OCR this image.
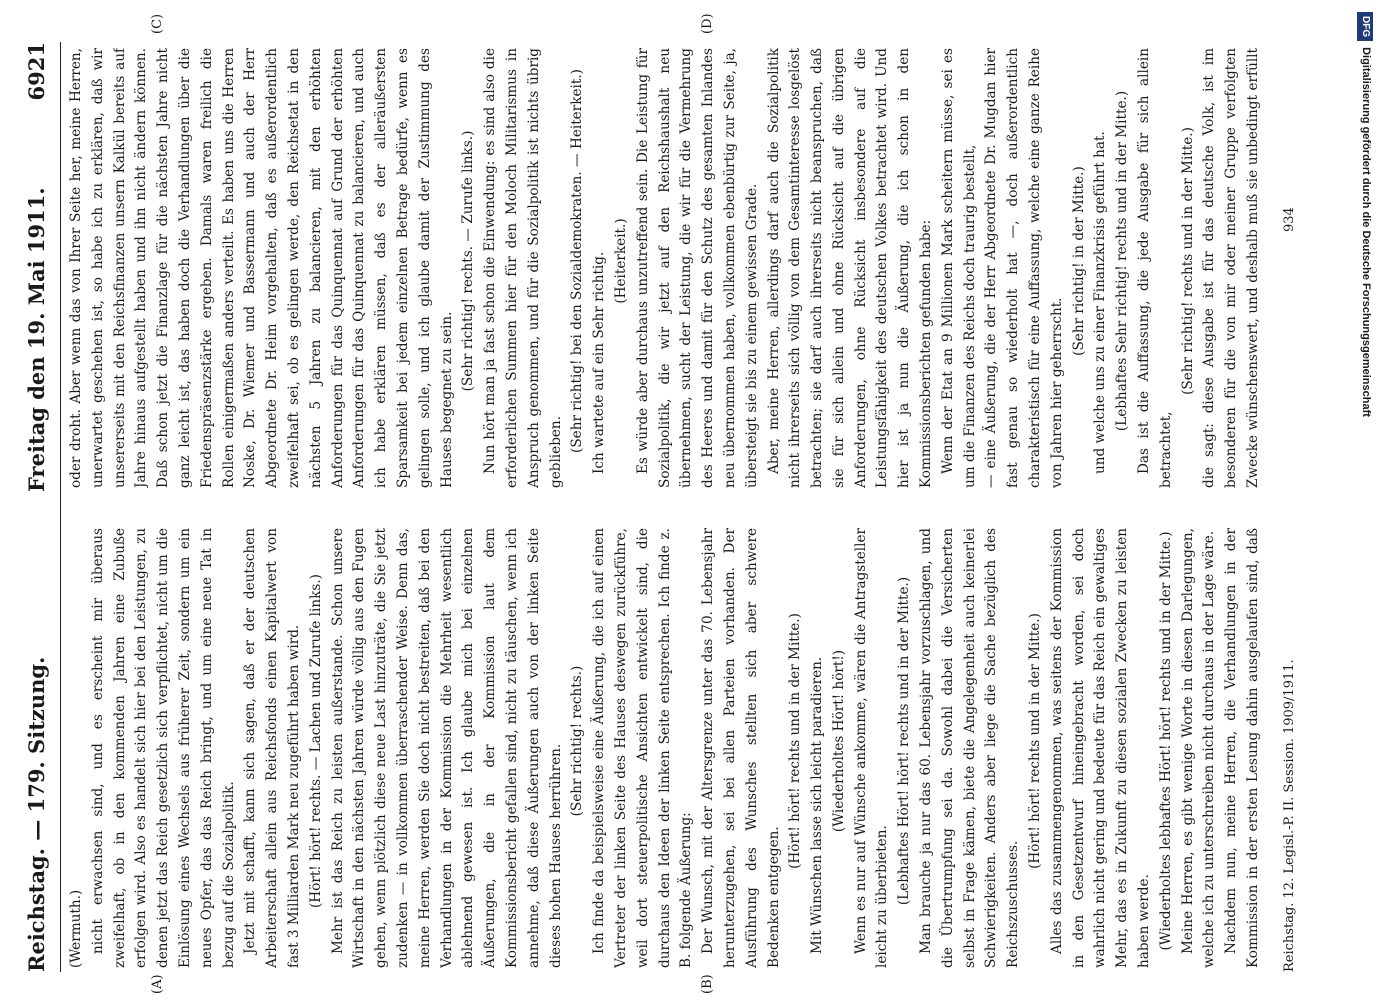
Reichstag. — 179. Sitzung.
Freitag den 19. Mai 1911.
6921
(A)	(B)
(C)	(D)

(Wermuth.) nicht erwachsen sind, und es erscheint mir überaus zweifelhaft, ob in den kommenden Jahren eine Zubuße erfolgen wird. Also es handelt sich hier bei den Leistungen, zu denen jetzt das Reich gesetzlich sich verpflichtet, nicht um die Einlösung eines Wechsels aus früherer Zeit, sondern um ein neues Opfer, das das Reich bringt, und um eine neue Tat in bezug auf die Sozialpolitik. Jetzt mit schafft, kann sich sagen, daß er der deutschen Arbeiterschaft allein aus Reichsfonds einen Kapitalwert von fast 3 Milliarden Mark neu zugeführt haben wird. (Hört! hört! rechts. — Lachen und Zurufe links.) Mehr ist das Reich zu leisten außerstande. Schon unsere Wirtschaft in den nächsten Jahren würde völlig aus den Fugen gehen, wenn plötzlich diese neue Last hinzuträte, die Sie jetzt zudenken — in vollkommen überraschender Weise. Denn das, meine Herren, werden Sie doch nicht bestreiten, daß bei den Verhandlungen in der Kommission die Mehrheit wesentlich ablehnend gewesen ist. Ich glaube mich bei einzelnen Äußerungen, die in der Kommission laut dem Kommissionsbericht gefallen sind, nicht zu täuschen, wenn ich annehme, daß diese Äußerungen auch von der linken Seite dieses hohen Hauses herrühren.

(Sehr richtig! rechts.) Ich finde da beispielsweise eine Äußerung, die ich auf einen Vertreter der linken Seite des Hauses deswegen zurückführe, weil dort steuerpolitische Ansichten entwickelt sind, die durchaus den Ideen der linken Seite entsprechen. Ich finde z. B. folgende Äußerung: Der Wunsch, mit der Altersgrenze unter das 70. Lebensjahr herunterzugehen, sei bei allen Parteien vorhanden. Der Ausführung des Wunsches stellten sich aber schwere Bedenken entgegen.

(Hört! hört! rechts und in der Mitte.) Mit Wünschen lasse sich leicht paradieren. (Wiederholtes Hört! hört!) Wenn es nur auf Wünsche ankomme, wären die Antragsteller leicht zu überbieten. (Lebhaftes Hört! hört! rechts und in der Mitte.) Man brauche ja nur das 60. Lebensjahr vorzuschlagen, und die Übertrumpfung sei da. Sowohl dabei die Versicherten selbst in Frage kämen, biete die Angelegenheit auch keinerlei Schwierigkeiten. Anders aber liege die Sache bezüglich des Reichszuschusses.

(Hört! hört! rechts und in der Mitte.) Alles das zusammengenommen, was seitens der Kommission in den Gesetzentwurf hineingebracht worden, sei doch wahrlich nicht gering und bedeute für das Reich ein gewaltiges Mehr, das es in Zukunft zu diesen sozialen Zwecken zu leisten haben werde. (Wiederholtes lebhaftes Hört! hört! rechts und in der Mitte.) Meine Herren, es gibt wenige Worte in diesen Darlegungen, welche ich zu unterschreiben nicht durchaus in der Lage wäre. Nachdem nun, meine Herren, die Verhandlungen in der Kommission in der ersten Lesung dahin ausgelaufen sind, daß

oder droht. Aber wenn das von Ihrer Seite her, meine Herren, unerwartet geschehen ist, so habe ich zu erklären, daß wir unsererseits mit den Reichsfinanzen unsern Kalkül bereits auf Jahre hinaus aufgestellt haben und ihn nicht ändern können. Daß schon jetzt die Finanzlage für die nächsten Jahre nicht ganz leicht ist, das haben doch die Verhandlungen über die Friedenspräsenzstärke ergeben. Damals waren freilich die Rollen einigermaßen anders verteilt. Es haben uns die Herren Noske, Dr. Wiemer und Bassermann und auch der Herr Abgeordnete Dr. Heim vorgehalten, daß es außerordentlich zweifelhaft sei, ob es gelingen werde, den Reichsetat in den nächsten 5 Jahren zu balancieren, mit den erhöhten Anforderungen für das Quinquennat auf Grund der erhöhten Anforderungen für das Quinquennat zu balancieren, und auch ich habe erklären müssen, daß es der alleräußersten Sparsamkeit bei jedem einzelnen Betrage bedürfe, wenn es gelingen solle, und ich glaube damit der Zustimmung des Hauses begegnet zu sein.

(Sehr richtig! rechts. — Zurufe links.) Nun hört man ja fast schon die Einwendung: es sind also die erforderlichen Summen hier für den Moloch Militarismus in Anspruch genommen, und für die Sozialpolitik ist nichts übrig geblieben. (Sehr richtig! bei den Sozialdemokraten. — Heiterkeit.) Ich wartete auf ein Sehr richtig. (Heiterkeit.) Es würde aber durchaus unzutreffend sein. Die Leistung für Sozialpolitik, die wir jetzt auf den Reichshaushalt neu übernehmen, sucht der Leistung, die wir für die Vermehrung des Heeres und damit für den Schutz des gesamten Inlandes neu übernommen haben, vollkommen ebenbürtig zur Seite, ja, übersteigt sie bis zu einem gewissen Grade. Aber, meine Herren, allerdings darf auch die Sozialpolitik nicht ihrerseits sich völlig von dem Gesamtinteresse losgelöst betrachten; sie darf auch ihrerseits nicht beanspruchen, daß sie für sich allein und ohne Rücksicht auf die übrigen Anforderungen, ohne Rücksicht insbesondere auf die Leistungsfähigkeit des deutschen Volkes betrachtet wird. Und hier ist ja nun die Äußerung, die ich schon in den Kommissionsberichten gefunden habe: Wenn der Etat an 9 Millionen Mark scheitern müsse, sei es um die Finanzen des Reichs doch traurig bestellt, — eine Äußerung, die der Herr Abgeordnete Dr. Mugdan hier fast genau so wiederholt hat —, doch außerordentlich charakteristisch für eine Auffassung, welche eine ganze Reihe von Jahren hier geherrscht.

(Sehr richtig! in der Mitte.) und welche uns zu einer Finanzkrisis geführt hat. (Lebhaftes Sehr richtig! rechts und in der Mitte.) Das ist die Auffassung, die jede Ausgabe für sich allein betrachtet,

(Sehr richtig! rechts und in der Mitte.)

die sagt: diese Ausgabe ist für das deutsche Volk, ist im besonderen für die von mir oder meiner Gruppe verfolgten Zwecke wünschenswert, und deshalb muß sie unbedingt erfüllt

Reichstag. 12. Legisl.-P. II. Session. 1909/1911.
934
DFGDigitalisierung gefördert durch die Deutsche Forschungsgemeinschaft
